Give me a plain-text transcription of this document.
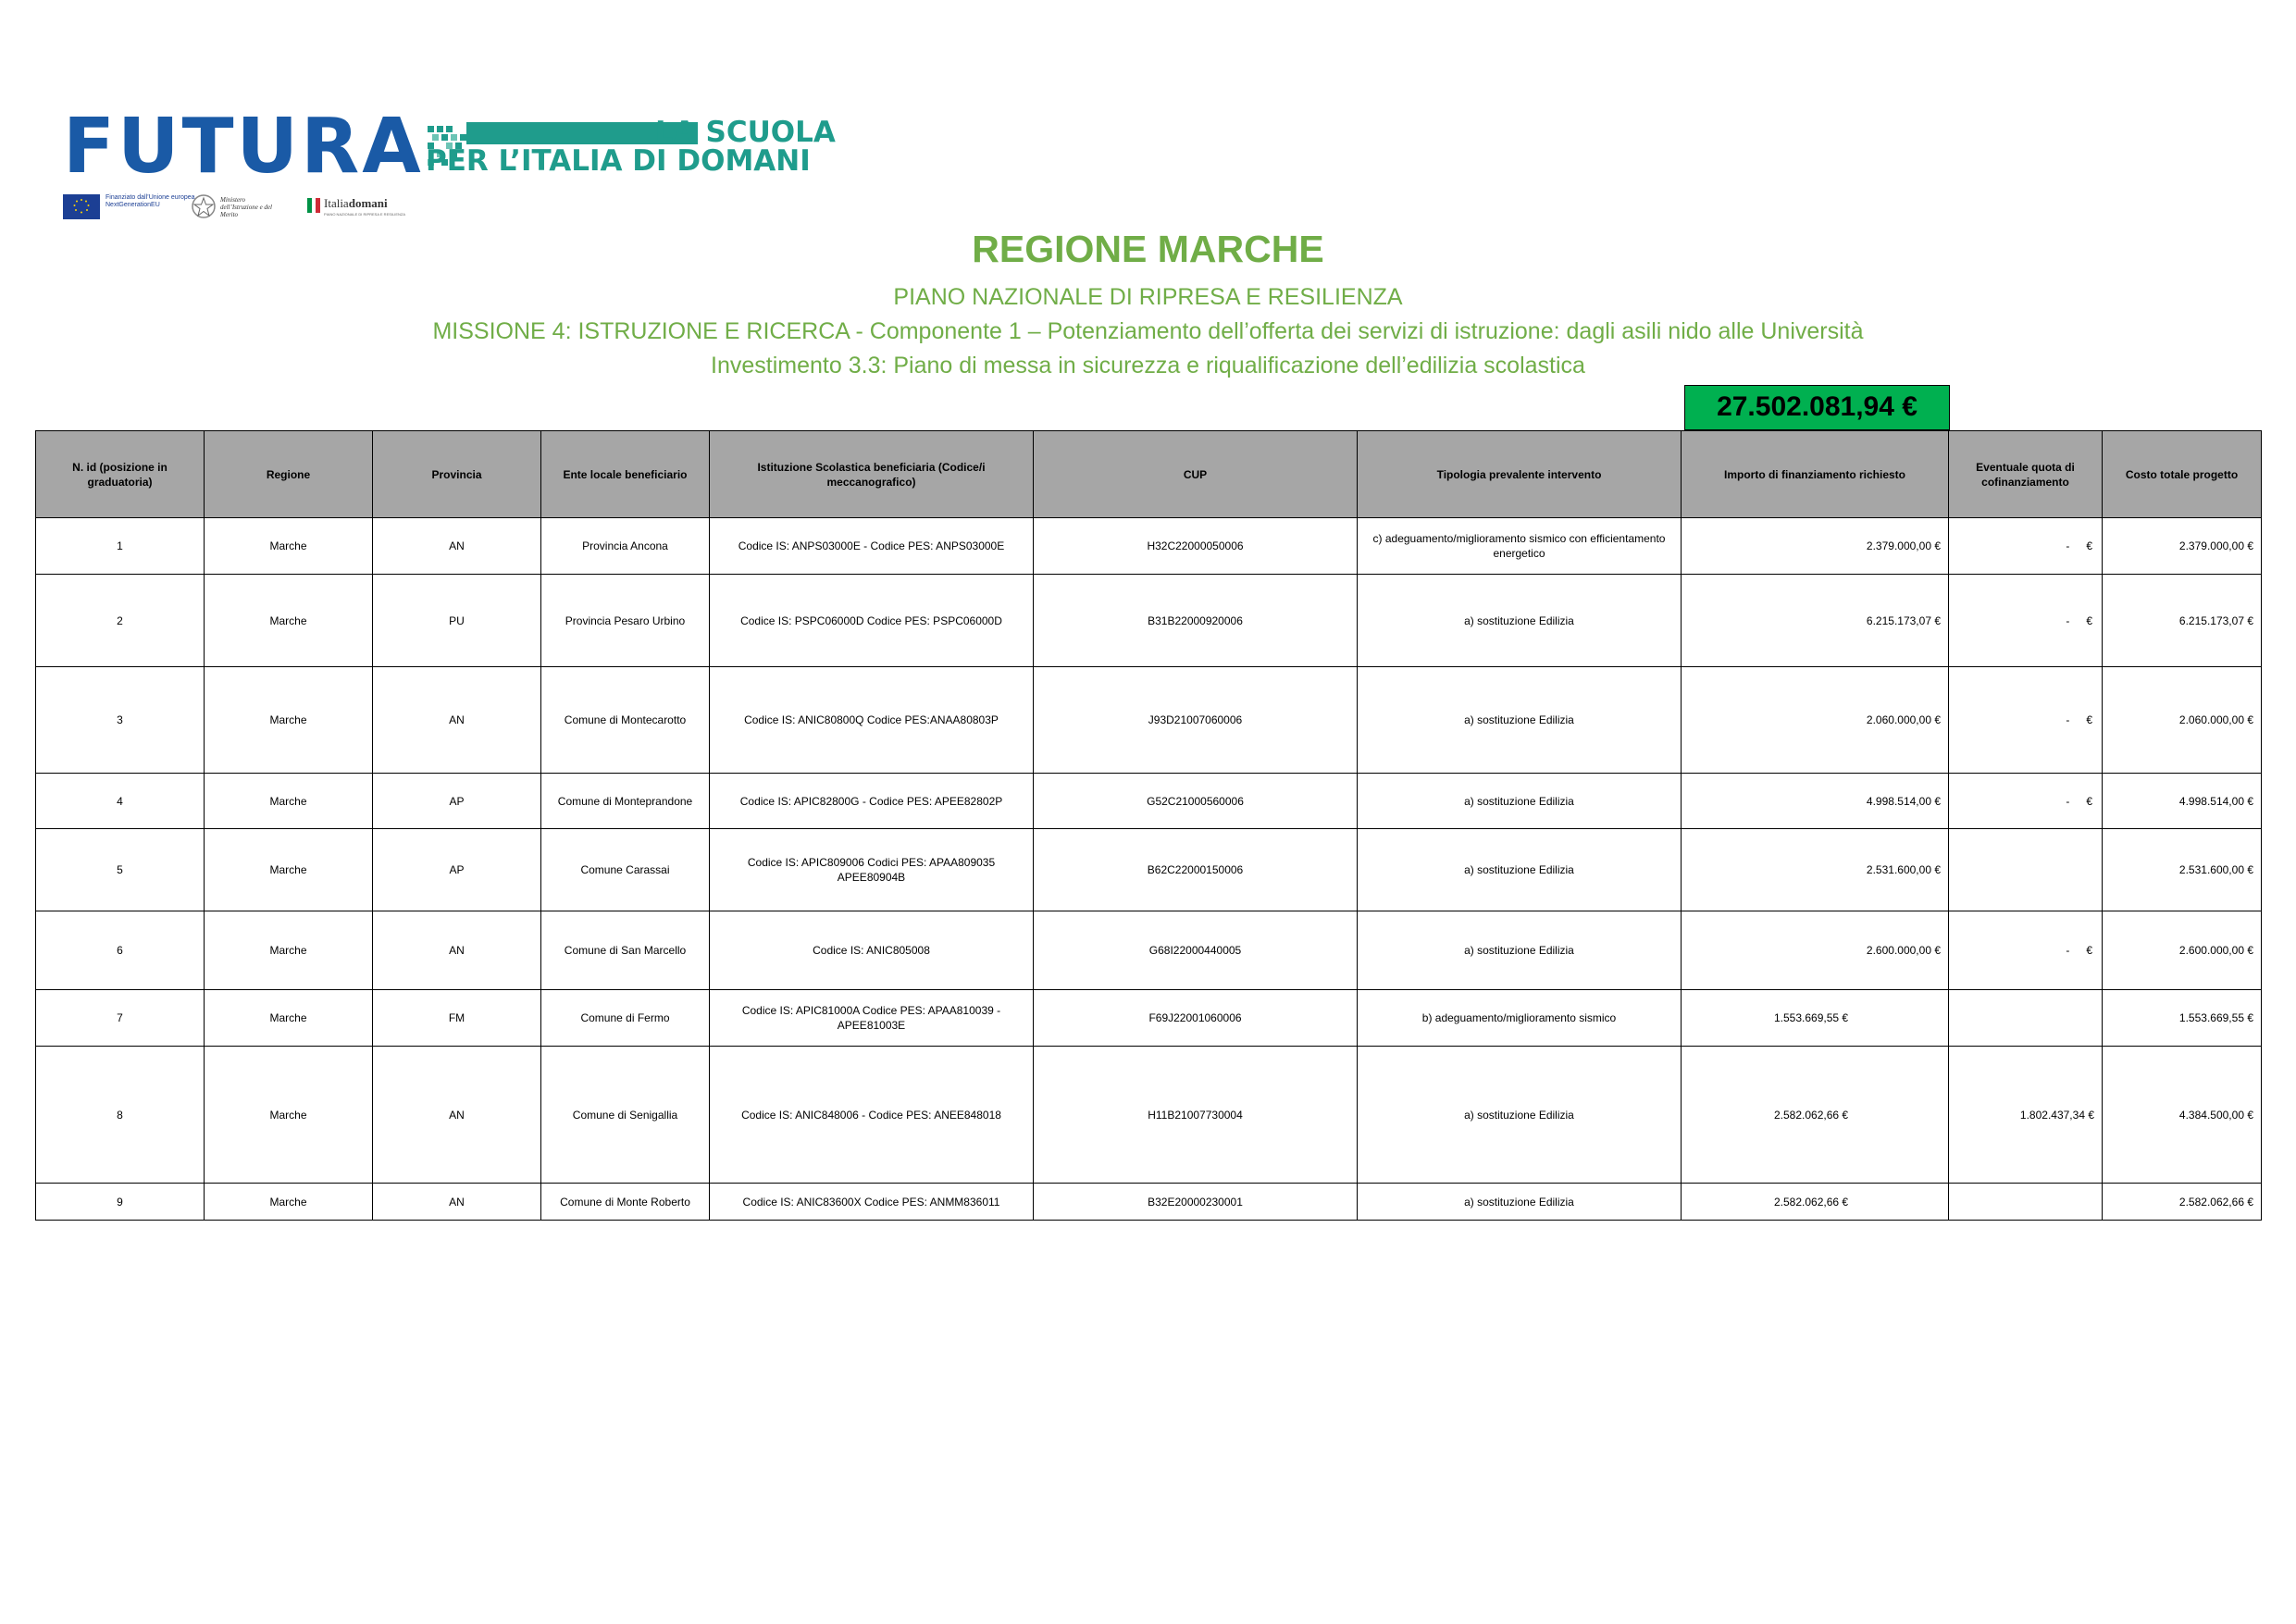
FUTURA	LA SCUOLA
PER L’ITALIA DI DOMANI
Finanziato dall’Unione europea NextGenerationEU
Ministero dell’Istruzione e del Merito
Italiadomani
PIANO NAZIONALE DI RIPRESA E RESILIENZA
REGIONE MARCHE
PIANO NAZIONALE DI RIPRESA E RESILIENZA
MISSIONE 4: ISTRUZIONE E RICERCA - Componente 1 – Potenziamento dell’offerta dei servizi di istruzione: dagli asili nido alle Università
Investimento 3.3: Piano di messa in sicurezza e riqualificazione dell’edilizia scolastica
27.502.081,94 €
N. id (posizione in graduatoria)	Regione	Provincia	Ente locale beneficiario	Istituzione Scolastica beneficiaria (Codice/i meccanografico)	CUP	Tipologia prevalente intervento	Importo di finanziamento richiesto	Eventuale quota di cofinanziamento	Costo totale progetto
1	Marche	AN	Provincia Ancona	Codice IS: ANPS03000E - Codice PES: ANPS03000E	H32C22000050006	c) adeguamento/miglioramento sismico con efficientamento energetico	2.379.000,00 €	- €	2.379.000,00 €
2	Marche	PU	Provincia Pesaro Urbino	Codice IS: PSPC06000D Codice PES: PSPC06000D	B31B22000920006	a) sostituzione Edilizia	6.215.173,07 €	- €	6.215.173,07 €
3	Marche	AN	Comune di Montecarotto	Codice IS: ANIC80800Q Codice PES:ANAA80803P	J93D21007060006	a) sostituzione Edilizia	2.060.000,00 €	- €	2.060.000,00 €
4	Marche	AP	Comune di Monteprandone	Codice IS: APIC82800G - Codice PES: APEE82802P	G52C21000560006	a) sostituzione Edilizia	4.998.514,00 €	- €	4.998.514,00 €
5	Marche	AP	Comune Carassai	Codice IS: APIC809006 Codici PES: APAA809035 APEE80904B	B62C22000150006	a) sostituzione Edilizia	2.531.600,00 €		2.531.600,00 €
6	Marche	AN	Comune di San Marcello	Codice IS: ANIC805008	G68I22000440005	a) sostituzione Edilizia	2.600.000,00 €	- €	2.600.000,00 €
7	Marche	FM	Comune di Fermo	Codice IS: APIC81000A Codice PES: APAA810039 - APEE81003E	F69J22001060006	b) adeguamento/miglioramento sismico	1.553.669,55 €		1.553.669,55 €
8	Marche	AN	Comune di Senigallia	Codice IS: ANIC848006 - Codice PES: ANEE848018	H11B21007730004	a) sostituzione Edilizia	2.582.062,66 €	1.802.437,34 €	4.384.500,00 €
9	Marche	AN	Comune di Monte Roberto	Codice IS: ANIC83600X Codice PES: ANMM836011	B32E20000230001	a) sostituzione Edilizia	2.582.062,66 €		2.582.062,66 €
